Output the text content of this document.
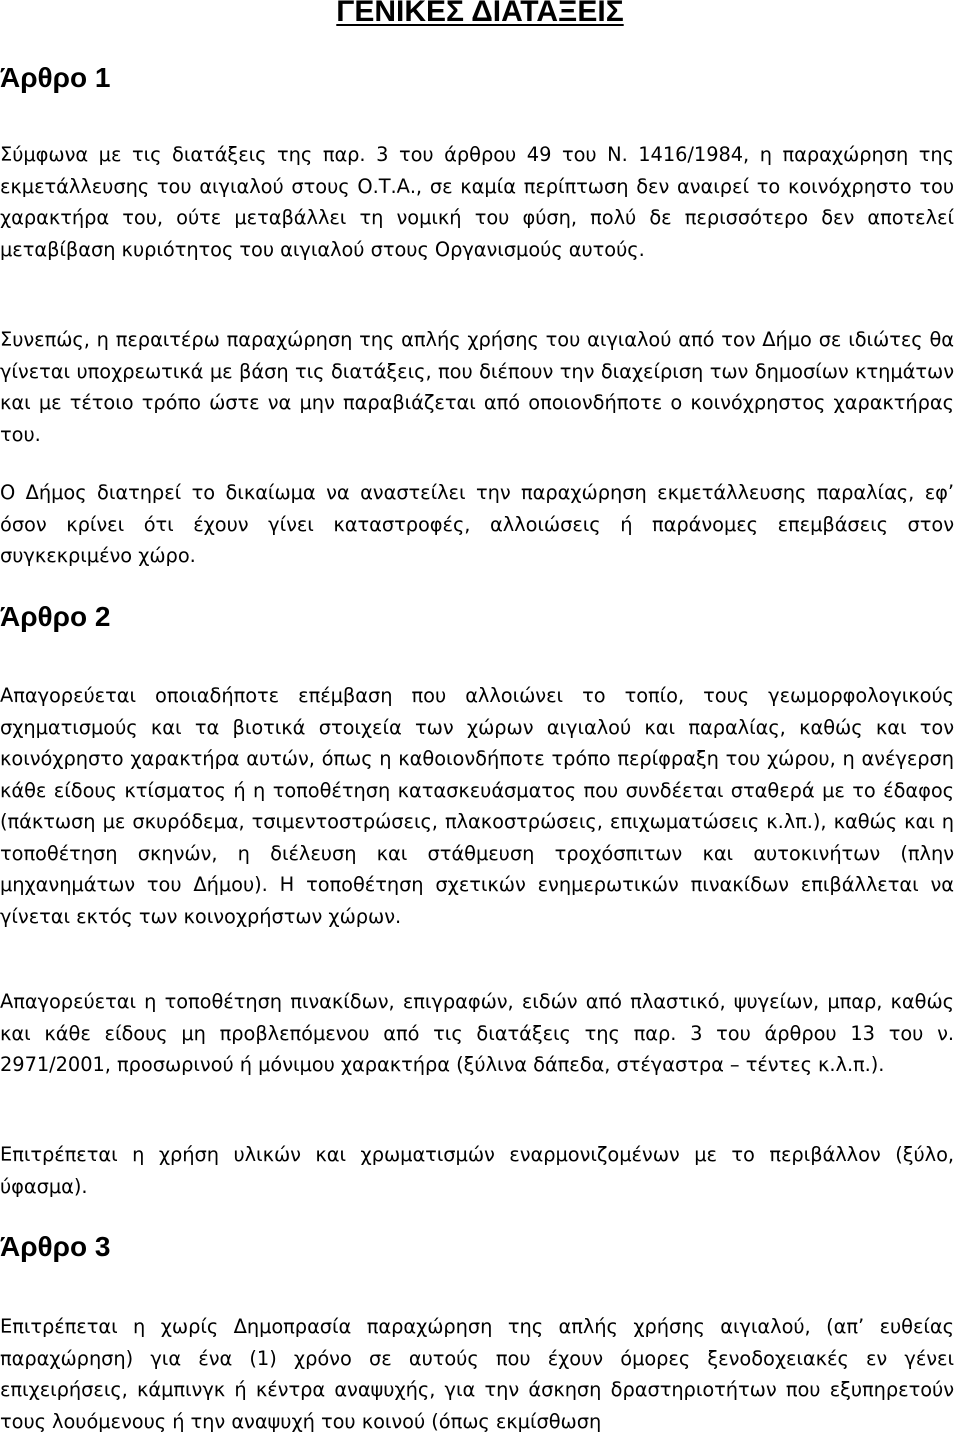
ΓΕΝΙΚΕΣ ΔΙΑΤΑΞΕΙΣ
Άρθρο 1

Σύμφωνα με τις διατάξεις της παρ. 3 του άρθρου 49 του Ν. 1416/1984, η παραχώρηση της εκμετάλλευσης του αιγιαλού στους Ο.Τ.Α., σε καμία περίπτωση δεν αναιρεί το κοινόχρηστο του χαρακτήρα του, ούτε μεταβάλλει τη νομική του φύση, πολύ δε περισσότερο δεν αποτελεί μεταβίβαση κυριότητος του αιγιαλού στους Οργανισμούς αυτούς.

Συνεπώς, η περαιτέρω παραχώρηση της απλής χρήσης του αιγιαλού από τον Δήμο σε ιδιώτες θα γίνεται υποχρεωτικά με βάση τις διατάξεις, που διέπουν την διαχείριση των δημοσίων κτημάτων και με τέτοιο τρόπο ώστε να μην παραβιάζεται από οποιονδήποτε ο κοινόχρηστος χαρακτήρας του.

Ο Δήμος διατηρεί το δικαίωμα να αναστείλει την παραχώρηση εκμετάλλευσης παραλίας, εφ’ όσον κρίνει ότι έχουν γίνει καταστροφές, αλλοιώσεις ή παράνομες επεμβάσεις στον συγκεκριμένο χώρο.

Άρθρο 2

Απαγορεύεται οποιαδήποτε επέμβαση που αλλοιώνει το τοπίο, τους γεωμορφολογικούς σχηματισμούς και τα βιοτικά στοιχεία των χώρων αιγιαλού και παραλίας, καθώς και τον κοινόχρηστο χαρακτήρα αυτών, όπως η καθοιονδήποτε τρόπο περίφραξη του χώρου, η ανέγερση κάθε είδους κτίσματος ή η τοποθέτηση κατασκευάσματος που συνδέεται σταθερά με το έδαφος (πάκτωση με σκυρόδεμα, τσιμεντοστρώσεις, πλακοστρώσεις, επιχωματώσεις κ.λπ.), καθώς και η τοποθέτηση σκηνών, η διέλευση και στάθμευση τροχόσπιτων και αυτοκινήτων (πλην μηχανημάτων του Δήμου). Η τοποθέτηση σχετικών ενημερωτικών πινακίδων επιβάλλεται να γίνεται εκτός των κοινοχρήστων χώρων.

Απαγορεύεται η τοποθέτηση πινακίδων, επιγραφών, ειδών από πλαστικό, ψυγείων, μπαρ, καθώς και κάθε είδους μη προβλεπόμενου από τις διατάξεις της παρ. 3 του άρθρου 13 του ν. 2971/2001, προσωρινού ή μόνιμου χαρακτήρα (ξύλινα δάπεδα, στέγαστρα – τέντες κ.λ.π.).

Επιτρέπεται η χρήση υλικών και χρωματισμών εναρμονιζομένων με το περιβάλλον (ξύλο, ύφασμα).

Άρθρο 3

Επιτρέπεται η χωρίς Δημοπρασία παραχώρηση της απλής χρήσης αιγιαλού, (απ’ ευθείας παραχώρηση) για ένα (1) χρόνο σε αυτούς που έχουν όμορες ξενοδοχειακές εν γένει επιχειρήσεις, κάμπινγκ ή κέντρα αναψυχής, για την άσκηση δραστηριοτήτων που εξυπηρετούν τους λουόμενους ή την αναψυχή του κοινού (όπως εκμίσθωση
